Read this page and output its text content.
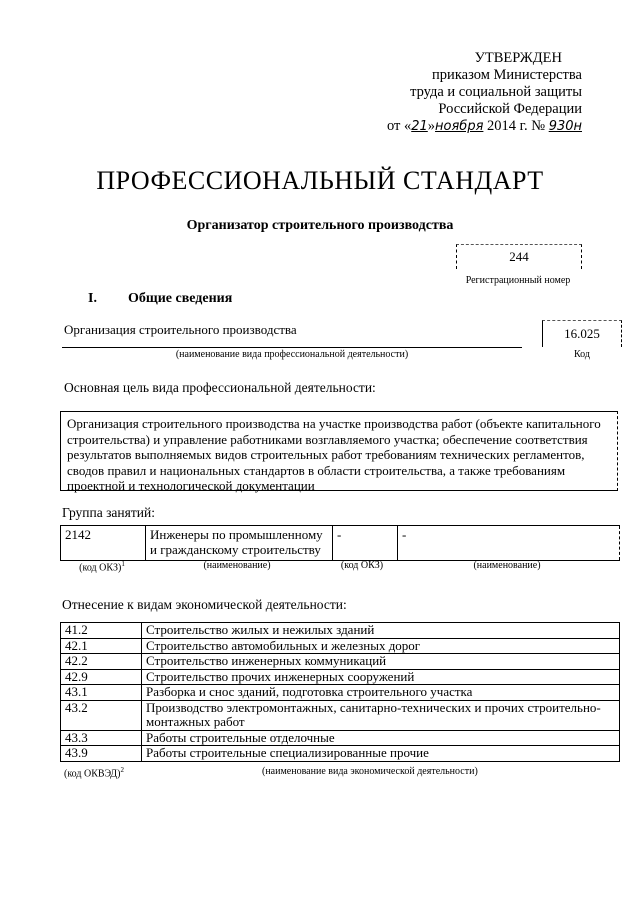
УТВЕРЖДЕН
приказом Министерства
труда и социальной защиты
Российской Федерации
от «21»ноября 2014 г. № 930н
ПРОФЕССИОНАЛЬНЫЙ СТАНДАРТ
Организатор строительного производства
244
Регистрационный номер
I. Общие сведения
Организация строительного производства
(наименование вида профессиональной деятельности)
16.025
Код
Основная цель вида профессиональной деятельности:
Организация строительного производства на участке производства работ (объекте капитального строительства) и управление работниками возглавляемого участка; обеспечение соответствия результатов выполняемых видов строительных работ требованиям технических регламентов, сводов правил и национальных стандартов в области строительства, а также требованиям проектной и технологической документации
Группа занятий:
2142	Инженеры по промышленному и гражданскому строительству	-	-
(код ОКЗ)$^1$	(наименование)	(код ОКЗ)	(наименование)
Отнесение к видам экономической деятельности:
41.2	Строительство жилых и нежилых зданий
42.1	Строительство автомобильных и железных дорог
42.2	Строительство инженерных коммуникаций
42.9	Строительство прочих инженерных сооружений
43.1	Разборка и снос зданий, подготовка строительного участка
43.2	Производство электромонтажных, санитарно-технических и прочих строительно-монтажных работ
43.3	Работы строительные отделочные
43.9	Работы строительные специализированные прочие
(код ОКВЭД)$^2$	(наименование вида экономической деятельности)
